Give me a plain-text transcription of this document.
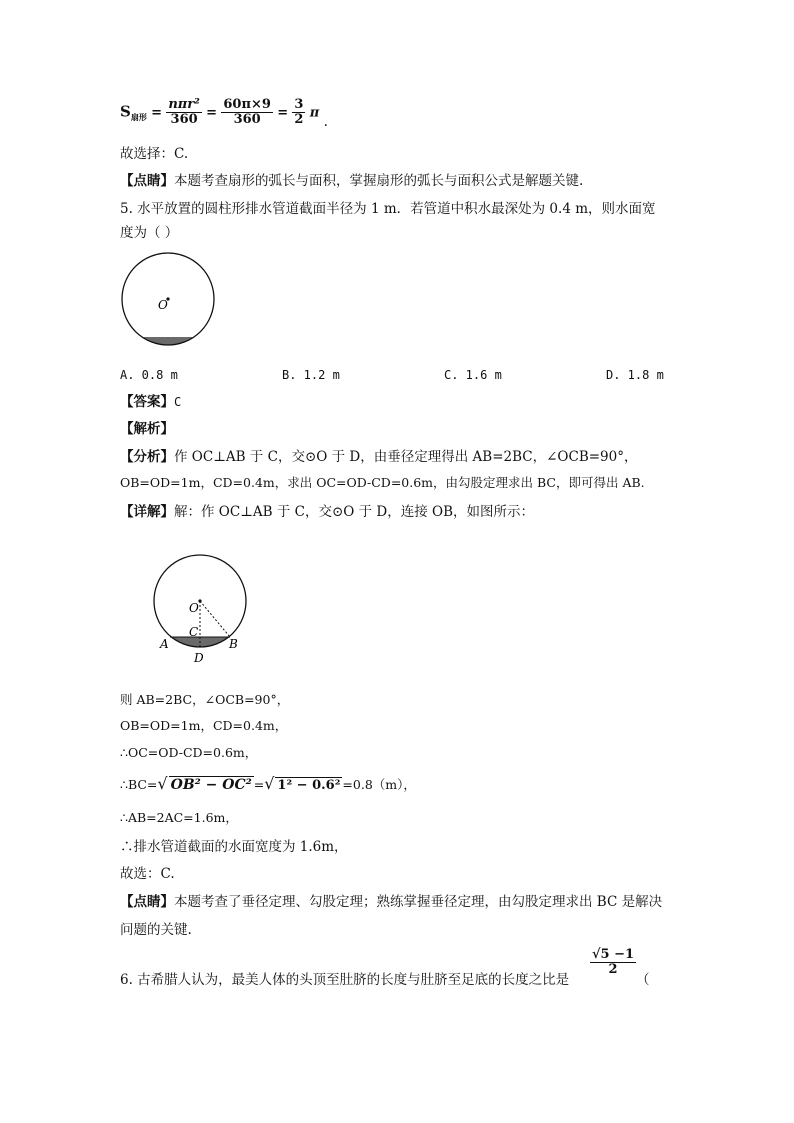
$S_{扇形} = \frac{\text{nπr²}}{360} = \frac{60\pi\times 9}{360} = \frac{3}{2}$ π .
故选择：C.
【点睛】本题考查扇形的弧长与面积，掌握扇形的弧长与面积公式是解题关键.
5. 水平放置的圆柱形排水管道截面半径为 1 m．若管道中积水最深处为 0.4 m，则水面宽
度为（ ）
O
A. 0.8 m	B. 1.2 m	C. 1.6 m	D. 1.8 m
【答案】C
【解析】
【分析】作 OC⊥AB 于 C，交⊙O 于 D，由垂径定理得出 AB=2BC，∠OCB=90°，
OB=OD=1m，CD=0.4m，求出 OC=OD-CD=0.6m，由勾股定理求出 BC，即可得出 AB.
【详解】解：作 OC⊥AB 于 C，交⊙O 于 D，连接 OB，如图所示：
O
C
A	B
D
则 AB=2BC，∠OCB=90°，
OB=OD=1m，CD=0.4m，
∴OC=OD-CD=0.6m，
∴BC=√ OB² − OC² =√ 1² − 0.6² =0.8（m），
∴AB=2AC=1.6m，
∴排水管道截面的水面宽度为 1.6m，
故选：C.
【点睛】本题考查了垂径定理、勾股定理；熟练掌握垂径定理，由勾股定理求出 BC 是解决
问题的关键.
6. 古希腊人认为，最美人体的头顶至肚脐的长度与肚脐至足底的长度之比是
$\frac{√5 -1}{2}$
（
